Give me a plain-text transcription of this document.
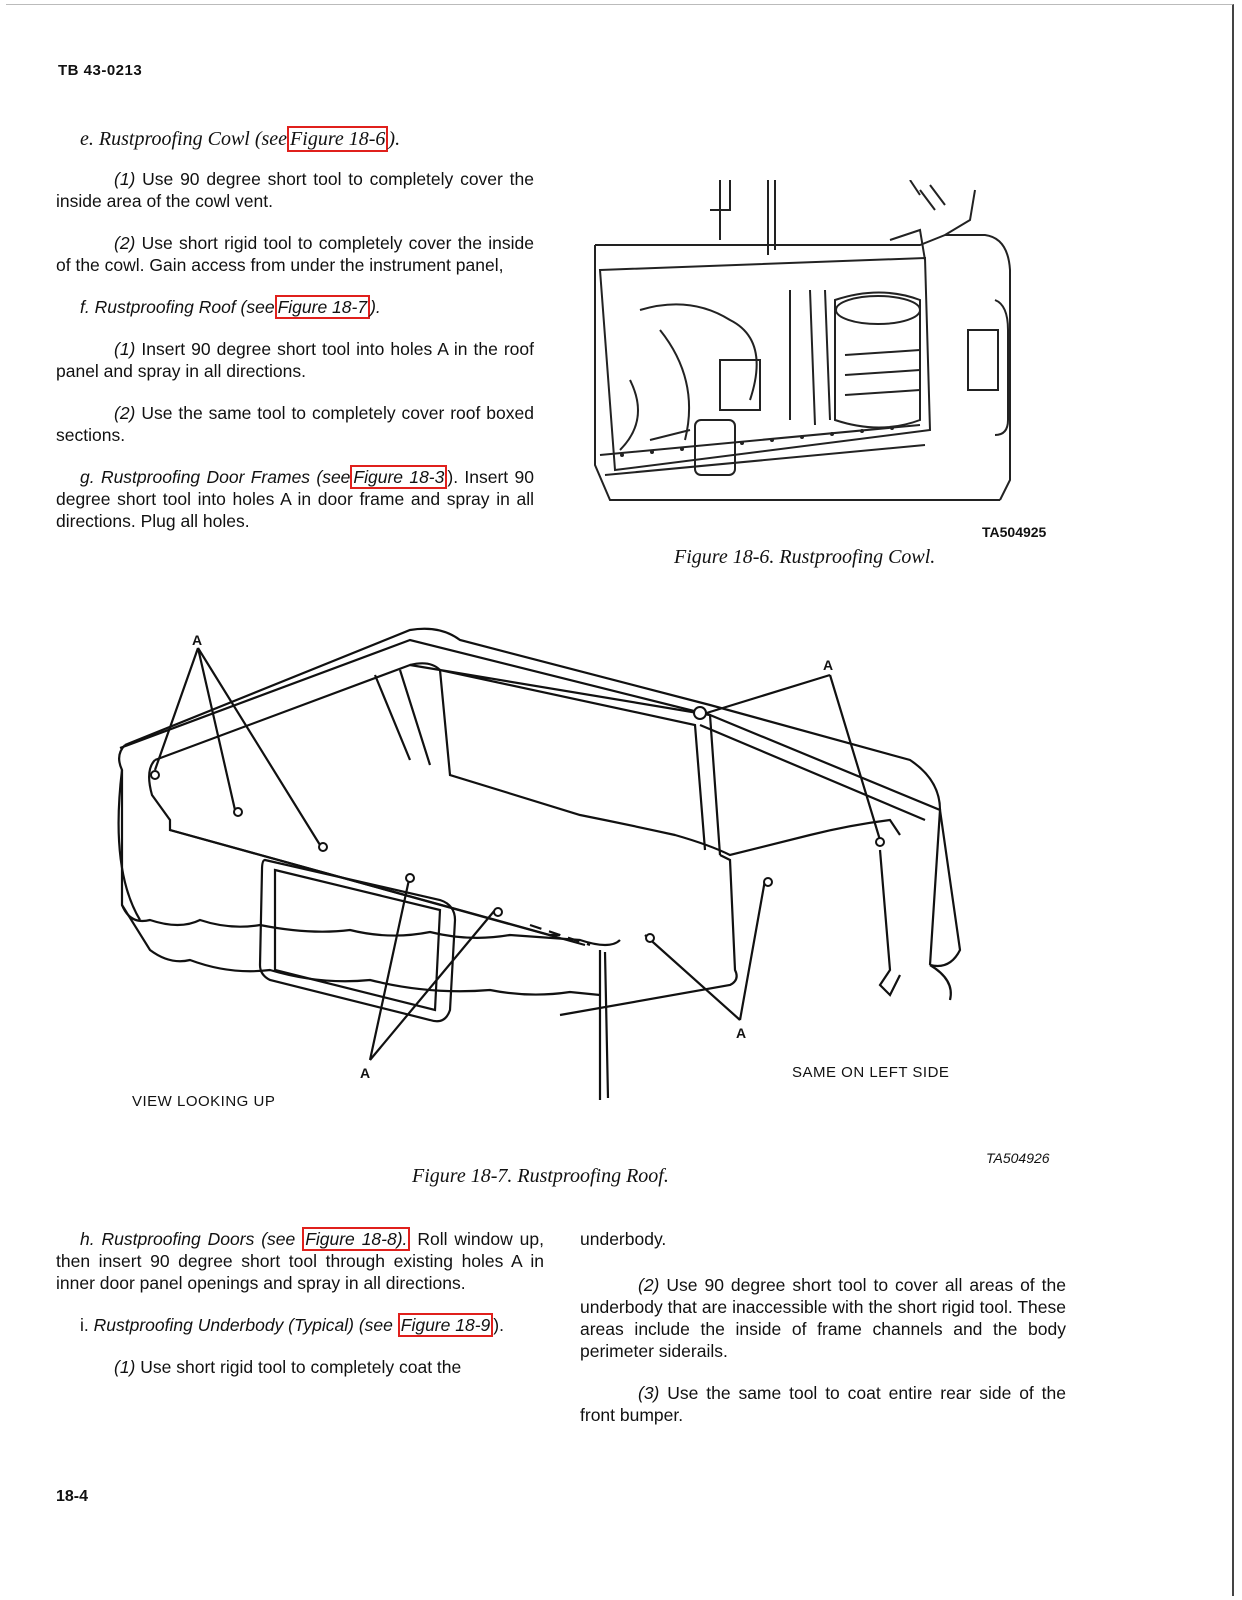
TB 43-0213

e. Rustproofing Cowl (see Figure 18-6 ).

(1) Use 90 degree short tool to completely cover the inside area of the cowl vent.

(2) Use short rigid tool to completely cover the inside of the cowl. Gain access from under the instrument panel,

f. Rustproofing Roof (see Figure 18-7 ).

(1) Insert 90 degree short tool into holes A in the roof panel and spray in all directions.

(2) Use the same tool to completely cover roof boxed sections.

g. Rustproofing Door Frames (see Figure 18-3 ). Insert 90 degree short tool into holes A in door frame and spray in all directions. Plug all holes.

TA504925
Figure 18-6. Rustproofing Cowl.
A
A
A
A
VIEW LOOKING UP
SAME ON LEFT SIDE
TA504926
Figure 18-7. Rustproofing Roof.

h. Rustproofing Doors (see Figure 18-8). Roll window up, then insert 90 degree short tool through existing holes A in inner door panel openings and spray in all directions.

i. Rustproofing Underbody (Typical) (see Figure 18-9 ).

(1) Use short rigid tool to completely coat the

underbody.

(2) Use 90 degree short tool to cover all areas of the underbody that are inaccessible with the short rigid tool. These areas include the inside of frame channels and the body perimeter siderails.

(3) Use the same tool to coat entire rear side of the front bumper.

18-4
